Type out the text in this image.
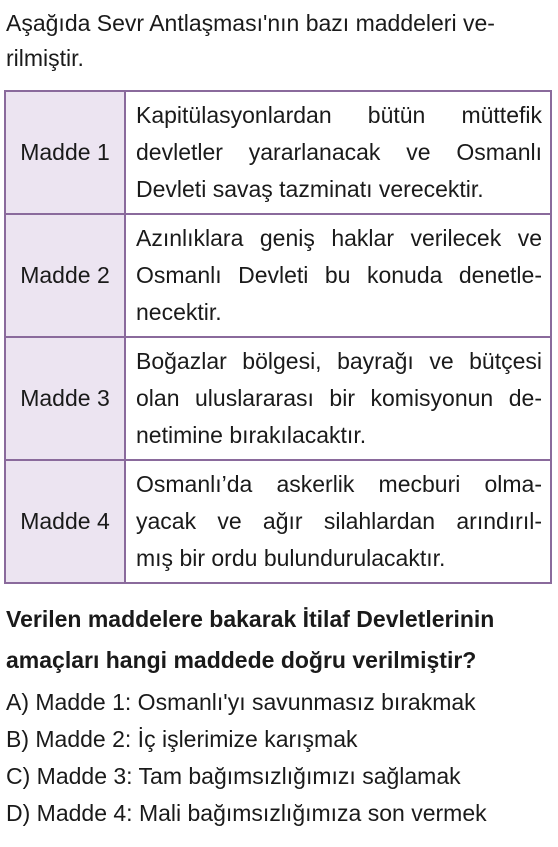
Aşağıda Sevr Antlaşması'nın bazı maddeleri ve-
rilmiştir.

Madde 1	Kapitülasyonlardan bütün müttefik
devletler yararlanacak ve Osmanlı
Devleti savaş tazminatı verecektir.

Madde 2	Azınlıklara geniş haklar verilecek ve
Osmanlı Devleti bu konuda denetle-
necektir.

Madde 3	Boğazlar bölgesi, bayrağı ve bütçesi
olan uluslararası bir komisyonun de-
netimine bırakılacaktır.

Madde 4	Osmanlı’da askerlik mecburi olma-
yacak ve ağır silahlardan arındırıl-
mış bir ordu bulundurulacaktır.

Verilen maddelere bakarak İtilaf Devletlerinin
amaçları hangi maddede doğru verilmiştir?

A) Madde 1: Osmanlı'yı savunmasız bırakmak
B) Madde 2: İç işlerimize karışmak
C) Madde 3: Tam bağımsızlığımızı sağlamak
D) Madde 4: Mali bağımsızlığımıza son vermek
